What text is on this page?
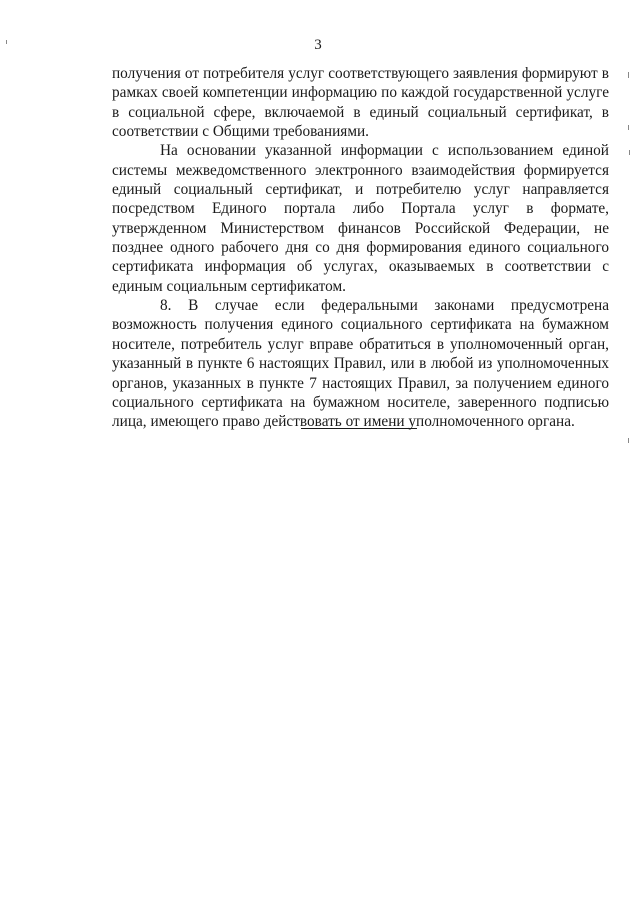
3

получения от потребителя услуг соответствующего заявления формируют в рамках своей компетенции информацию по каждой государственной услуге в социальной сфере, включаемой в единый социальный сертификат, в соответствии с Общими требованиями.

На основании указанной информации с использованием единой системы межведомственного электронного взаимодействия формируется единый социальный сертификат, и потребителю услуг направляется посредством Единого портала либо Портала услуг в формате, утвержденном Министерством финансов Российской Федерации, не позднее одного рабочего дня со дня формирования единого социального сертификата информация об услугах, оказываемых в соответствии с единым социальным сертификатом.

8. В случае если федеральными законами предусмотрена возможность получения единого социального сертификата на бумажном носителе, потребитель услуг вправе обратиться в уполномоченный орган, указанный в пункте 6 настоящих Правил, или в любой из уполномоченных органов, указанных в пункте 7 настоящих Правил, за получением единого социального сертификата на бумажном носителе, заверенного подписью лица, имеющего право действовать от имени уполномоченного органа.
